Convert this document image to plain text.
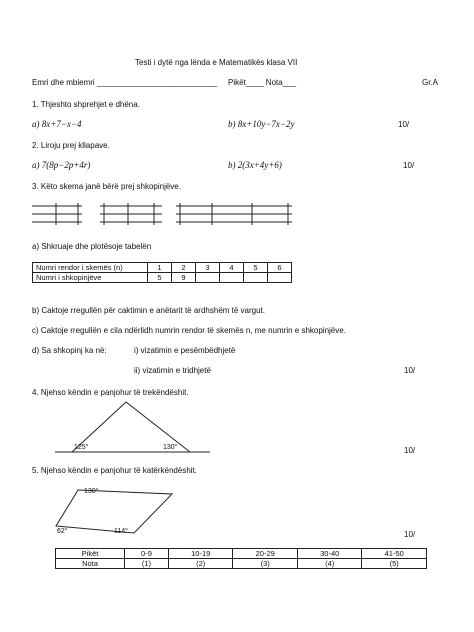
Testi i dytë nga lënda e Matematikës klasa VII
Emri dhe mbiemri ___________________________ Pikët____ Nota___	Gr.A
1. Thjeshto shprehjet e dhëna.
a) 8x+7−x−4	b) 8x+10y−7x−2y	10/
2. Liroju prej kllapave.
a) 7(8p−2p+4r)	b) 2(3x+4y+6)	10/
3. Këto skema janë bërë prej shkopinjëve.
a) Shkruaje dhe plotësoje tabelën
Numri rendor i skemës (n)	1	2	3	4	5	6
Numri i shkopinjëve	5	9				
b) Caktoje rregullën për caktimin e anëtarit të ardhshëm të vargut.
c) Caktoje rregullën e cila ndërlidh numrin rendor të skemës n, me numrin e shkopinjëve.
d) Sa shkopinj ka në:	i) vizatimin e pesëmbëdhjetë
ii) vizatimin e tridhjetë	10/
4. Njehso këndin e panjohur të trekëndëshit.
125°	130°	10/
5. Njehso këndin e panjohur të katërkëndëshit.
130°
62°	114°	10/
Pikët	0-9	10-19	20-29	30-40	41-50
Nota	(1)	(2)	(3)	(4)	(5)
